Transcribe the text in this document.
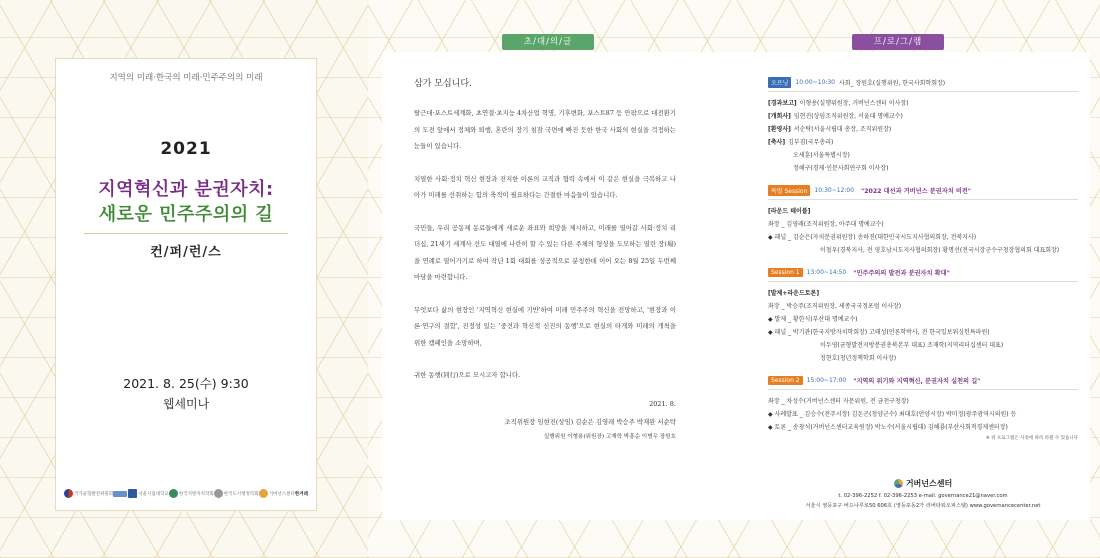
지역의 미래·한국의 미래·민주주의의 미래
2021
지역혁신과 분권자치:
새로운 민주주의의 길
컨/퍼/런/스
2021. 8. 25(수) 9:30
웹세미나
국가균형발전위원회	서울시립대학교 한국지방자치학회 한국도시행정학회 거버넌스센터 한겨레
초/대/의/글	프/로/그/램
삼가 모십니다.

탈근대·포스트세계화, 초연결·초지능 4차산업 혁명, 기후변화, 포스트87 등 안팎으로 대전환기의 도전 앞에서 정체와 퇴행, 혼란의 장기 침잠 국면에 빠진 듯한 한국 사회의 현실을 걱정하는 눈들이 있습니다.

치열한 사회·정치 혁신 현장과 진지한 이론의 교직과 협력 속에서 이 같은 현실을 극복하고 나아가 미래를 선취하는 힘의 축적이 필요하다는 간절한 마음들이 있습니다.

국민들, 우리 공동체 동료들에게 새로운 좌표와 희망을 제시하고, 미래를 열어갈 사회·정치 리더십, 21세기 세계사 선도 대열에 나란히 할 수 있는 다른 주체의 형성을 도모하는 열린 장(場)을 연례로 열어가기로 하여 작년 1회 대회를 성공적으로 분칭한데 이어 오는 8월 25일 두번째 마당을 마련합니다.

무엇보다 삶의 현장인 '지역혁신 현실에 기반'하여 미래 민주주의 혁신을 전망하고, '현장과 이론·연구의 결합', 진정성 있는 '중견과 혁신적 신진의 동행'으로 현실의 타개와 미래의 개척을 위한 캠페인을 소망하며,

귀한 동행(同行)으로 모시고자 합니다.

2021. 8.
조직위원장 임현진(상임) 김순은 김영래 박승주 박재완 서순탁
실행위원 이형용(위원장) 고재학 박흥순 이병우 장원호
오프닝	10:00~10:30 사회_ 장원호(실행위원, 한국사회학회장)
[경과보고] 이형용(실행위원장, 거버넌스센터 이사장)
[개회사] 임현진(상임조직위원장, 서울대 명예교수)
[환영사] 서순탁(서울시립대 총장, 조직위원장)
[축사] 김부겸(국무총리)
오세훈(서울특별시장)
정해구(경제·인문사회연구회 이사장)
특별 Session	10:30~12:00 "2022 대선과 거버넌스 분권자치 비전"
[라운드 테이블]
좌장 _ 김영래(조직위원장, 아주대 명예교수)
◆ 패널 _ 김순은(자치분권위원장) 송하진(대한민국시도지사협의회장, 전북지사)
이철우(경북지사, 전 영호남시도지사협의회장) 황명선(전국시장군수구청장협의회 대표회장)
Session 1	13:00~14:50 "민주주의의 발전과 분권자치 확대"
[발제+라운드토론]
좌장 _ 박승주(조직위원장, 세종국국정포럼 이사장)
◆ 발제 _ 황한식(부산대 명예교수)
◆ 패널 _ 박기관(한국지방자치학회장) 고태성(언론학박사, 전 한국일보워싱턴특파원)
이두영(균형발전지방분권총북본부 대표) 조재학(지역리더십센터 대표)
정현호(청년정책학회 이사장)
Session 2	15:00~17:00 "지역의 위기와 지역혁신, 분권자치 실천의 길"
좌장 _ 차성수(거버넌스센터 자문위원, 전 금천구청장)
◆ 사례발표 _ 김승수(전주시장) 김돈곤(청양군수) 최대호(안양시장) 박미정(광주광역시의원) 등
◆ 토론 _ 송창석(거버넌스센터교육원장) 박노수(서울시립대) 김혜룡(부산사회적경제센터장)
※ 위 프로그램은 사정에 따라 바뀔 수 있습니다
거버넌스센터
t. 02-396-2252 f. 02-396-2253 e-mail. governance21@naver.com
서울시 영등포구 버드나루로50 606호 (영등포동2가 리버타워오피스텔) www.governancecenter.net
